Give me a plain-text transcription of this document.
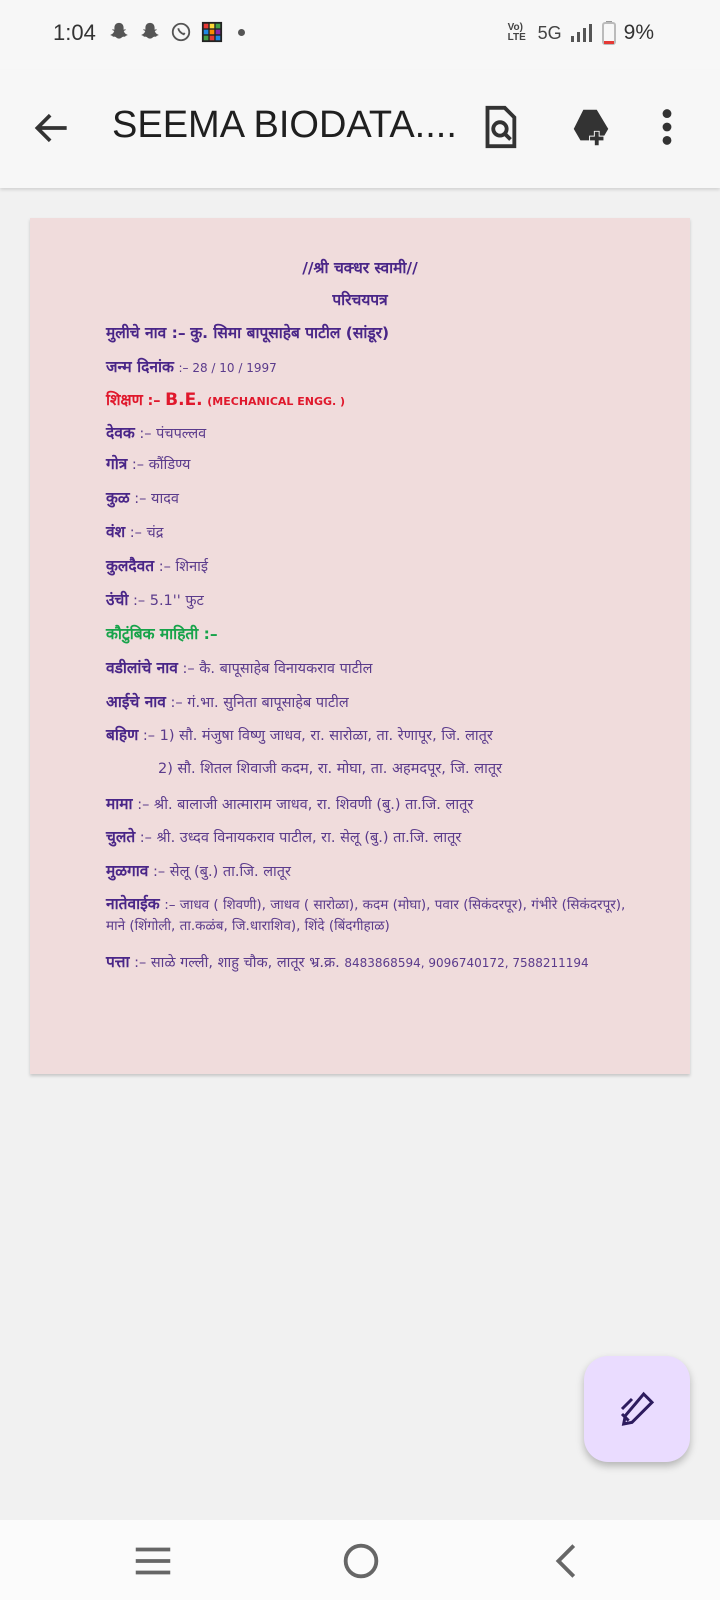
1:04	Vo) LTE 5G	9%
SEEMA BIODATA....
//श्री चक्धर स्वामी//
परिचयपत्र
मुलीचे नाव :– कु. सिमा बापूसाहेब पाटील (सांडूर)
जन्म दिनांक :– 28 / 10 / 1997
शिक्षण :– B.E. (MECHANICAL ENGG. )
देवक :– पंचपल्लव
गोत्र :– कौंडिण्य
कुळ :– यादव
वंश :– चंद्र
कुलदैवत :– शिनाई
उंची :– 5.1'' फुट
कौटुंबिक माहिती :–
वडीलांचे नाव :– कै. बापूसाहेब विनायकराव पाटील
आईचे नाव :– गं.भा. सुनिता बापूसाहेब पाटील
बहिण :– 1) सौ. मंजुषा विष्णु जाधव, रा. सारोळा, ता. रेणापूर, जि. लातूर
2) सौ. शितल शिवाजी कदम, रा. मोघा, ता. अहमदपूर, जि. लातूर
मामा :– श्री. बालाजी आत्माराम जाधव, रा. शिवणी (बु.) ता.जि. लातूर
चुलते :– श्री. उध्दव विनायकराव पाटील, रा. सेलू (बु.) ता.जि. लातूर
मुळगाव :– सेलू (बु.) ता.जि. लातूर
नातेवाईक :– जाधव ( शिवणी), जाधव ( सारोळा), कदम (मोघा), पवार (सिकंदरपूर), गंभीरे (सिकंदरपूर),
माने (शिंगोली, ता.कळंब, जि.धाराशिव), शिंदे (बिंदगीहाळ)
पत्ता :– साळे गल्ली, शाहु चौक, लातूर भ्र.क्र. 8483868594, 9096740172, 7588211194
